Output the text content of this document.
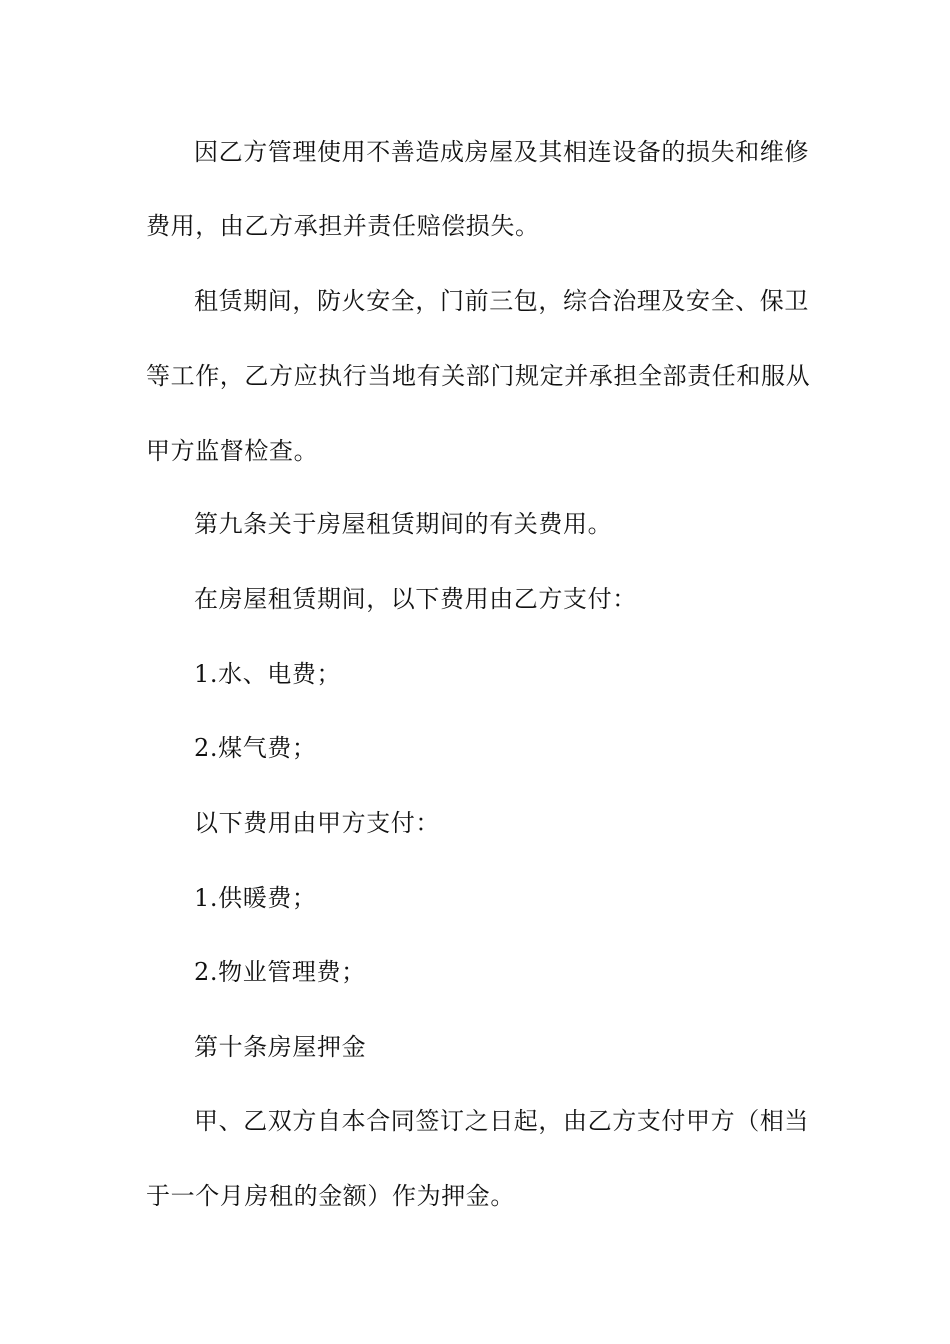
因乙方管理使用不善造成房屋及其相连设备的损失和维修
费用，由乙方承担并责任赔偿损失。
租赁期间，防火安全，门前三包，综合治理及安全、保卫
等工作，乙方应执行当地有关部门规定并承担全部责任和服从
甲方监督检查。
第九条关于房屋租赁期间的有关费用。
在房屋租赁期间，以下费用由乙方支付：
1.水、电费；
2.煤气费；
以下费用由甲方支付：
1.供暖费；
2.物业管理费；
第十条房屋押金
甲、乙双方自本合同签订之日起，由乙方支付甲方（相当
于一个月房租的金额）作为押金。
